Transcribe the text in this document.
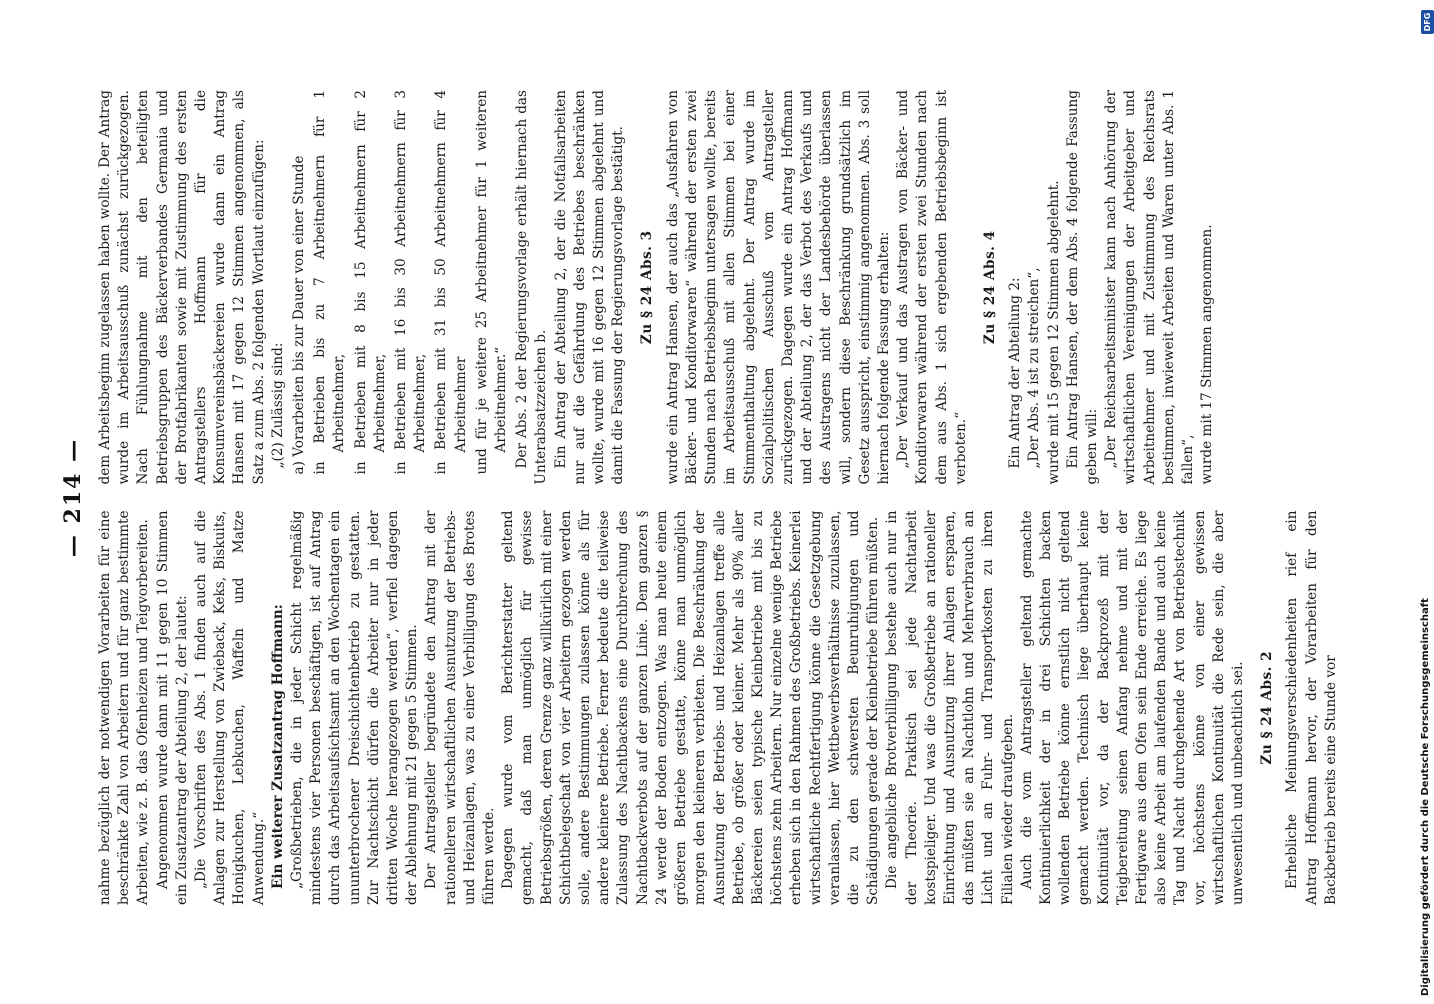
— 214 —

nahme bezüglich der notwendigen Vorarbeiten für eine beschränkte Zahl von Arbeitern und für ganz bestimmte Arbeiten, wie z. B. das Ofenheizen und Teigvorbereiten. Angenommen wurde dann mit 11 gegen 10 Stimmen ein Zusatzantrag der Abteilung 2, der lautet: „Die Vorschriften des Abs. 1 finden auch auf die Anlagen zur Herstellung von Zwieback, Keks, Biskuits, Honigkuchen, Lebkuchen, Waffeln und Matze Anwendung.“ Ein weiterer Zusatzantrag Hoffmann: „Großbetrieben, die in jeder Schicht regelmäßig mindestens vier Personen beschäftigen, ist auf Antrag durch das Arbeitsaufsichtsamt an den Wochentagen ein ununterbrochener Dreischichtenbetrieb zu gestatten. Zur Nachtschicht dürfen die Arbeiter nur in jeder dritten Woche herangezogen werden“, verfiel dagegen der Ablehnung mit 21 gegen 5 Stimmen. Der Antragsteller begründete den Antrag mit der rationelleren wirtschaftlichen Ausnutzung der Betriebs- und Heizanlagen, was zu einer Verbilligung des Brotes führen werde. Dagegen wurde vom Berichterstatter geltend gemacht, daß man unmöglich für gewisse Betriebsgrößen, deren Grenze ganz willkürlich mit einer Schichtbelegschaft von vier Arbeitern gezogen werden solle, andere Bestimmungen zulassen könne als für andere kleinere Betriebe. Ferner bedeute die teilweise Zulassung des Nachtbackens eine Durchbrechung des Nachtbackverbots auf der ganzen Linie. Dem ganzen § 24 werde der Boden entzogen. Was man heute einem größeren Betriebe gestatte, könne man unmöglich morgen den kleineren verbieten. Die Beschränkung der Ausnutzung der Betriebs- und Heizanlagen treffe alle Betriebe, ob größer oder kleiner. Mehr als 90% aller Bäckereien seien typische Kleinbetriebe mit bis zu höchstens zehn Arbeitern. Nur einzelne wenige Betriebe erheben sich in den Rahmen des Großbetriebs. Keinerlei wirtschaftliche Rechtfertigung könne die Gesetzgebung veranlassen, hier Wettbewerbsverhältnisse zuzulassen, die zu den schwersten Beunruhigungen und Schädigungen gerade der Kleinbetriebe führen müßten. Die angebliche Brotverbilligung bestehe auch nur in der Theorie. Praktisch sei jede Nachtarbeit kostspieliger. Und was die Großbetriebe an rationeller Einrichtung und Ausnutzung ihrer Anlagen ersparen, das müßten sie an Nachtlohn und Mehrverbrauch an Licht und an Fuhr- und Transportkosten zu ihren Filialen wieder draufgeben. Auch die vom Antragsteller geltend gemachte Kontinuierlichkeit der in drei Schichten backen wollenden Betriebe könne ernstlich nicht geltend gemacht werden. Technisch liege überhaupt keine Kontinuität vor, da der Backprozeß mit der Teigbereitung seinen Anfang nehme und mit der Fertigware aus dem Ofen sein Ende erreiche. Es liege also keine Arbeit am laufenden Bande und auch keine Tag und Nacht durchgehende Art von Betriebstechnik vor, höchstens könne von einer gewissen wirtschaftlichen Kontinuität die Rede sein, die aber unwesentlich und unbeachtlich sei. Zu § 24 Abs. 2 Erhebliche Meinungsverschiedenheiten rief ein Antrag Hoffmann hervor, der Vorarbeiten für den Backbetrieb bereits eine Stunde vor

dem Arbeitsbeginn zugelassen haben wollte. Der Antrag wurde im Arbeitsausschuß zunächst zurückgezogen. Nach Fühlungnahme mit den beteiligten Betriebsgruppen des Bäckerverbandes Germania und der Brotfabrikanten sowie mit Zustimmung des ersten Antragstellers Hoffmann für die Konsumvereinsbäckereien wurde dann ein Antrag Hansen mit 17 gegen 12 Stimmen angenommen, als Satz a zum Abs. 2 folgenden Wortlaut einzufügen: „(2) Zulässig sind: a) Vorarbeiten bis zur Dauer von einer Stunde in Betrieben bis zu 7 Arbeitnehmern für 1 Arbeitnehmer, in Betrieben mit 8 bis 15 Arbeitnehmern für 2 Arbeitnehmer, in Betrieben mit 16 bis 30 Arbeitnehmern für 3 Arbeitnehmer, in Betrieben mit 31 bis 50 Arbeitnehmern für 4 Arbeitnehmer und für je weitere 25 Arbeitnehmer für 1 weiteren Arbeitnehmer.“ Der Abs. 2 der Regierungsvorlage erhält hiernach das Unterabsatzzeichen b. Ein Antrag der Abteilung 2, der die Notfallsarbeiten nur auf die Gefährdung des Betriebes beschränken wollte, wurde mit 16 gegen 12 Stimmen abgelehnt und damit die Fassung der Regierungsvorlage bestätigt. Zu § 24 Abs. 3 wurde ein Antrag Hansen, der auch das „Ausfahren von Bäcker- und Konditorwaren“ während der ersten zwei Stunden nach Betriebsbeginn untersagen wollte, bereits im Arbeitsausschuß mit allen Stimmen bei einer Stimmenthaltung abgelehnt. Der Antrag wurde im Sozialpolitischen Ausschuß vom Antragsteller zurückgezogen. Dagegen wurde ein Antrag Hoffmann und der Abteilung 2, der das Verbot des Verkaufs und des Austragens nicht der Landesbehörde überlassen will, sondern diese Beschränkung grundsätzlich im Gesetz ausspricht, einstimmig angenommen. Abs. 3 soll hiernach folgende Fassung erhalten: „Der Verkauf und das Austragen von Bäcker- und Konditorwaren während der ersten zwei Stunden nach dem aus Abs. 1 sich ergebenden Betriebsbeginn ist verboten.“

Zu § 24 Abs. 4 Ein Antrag der Abteilung 2: „Der Abs. 4 ist zu streichen“, wurde mit 15 gegen 12 Stimmen abgelehnt. Ein Antrag Hansen, der dem Abs. 4 folgende Fassung geben will: „Der Reichsarbeitsminister kann nach Anhörung der wirtschaftlichen Vereinigungen der Arbeitgeber und Arbeitnehmer und mit Zustimmung des Reichsrats bestimmen, inwieweit Arbeiten und Waren unter Abs. 1 fallen“, wurde mit 17 Stimmen angenommen.

Digitalisierung gefördert durch die Deutsche Forschungsgemeinschaft
DFG
